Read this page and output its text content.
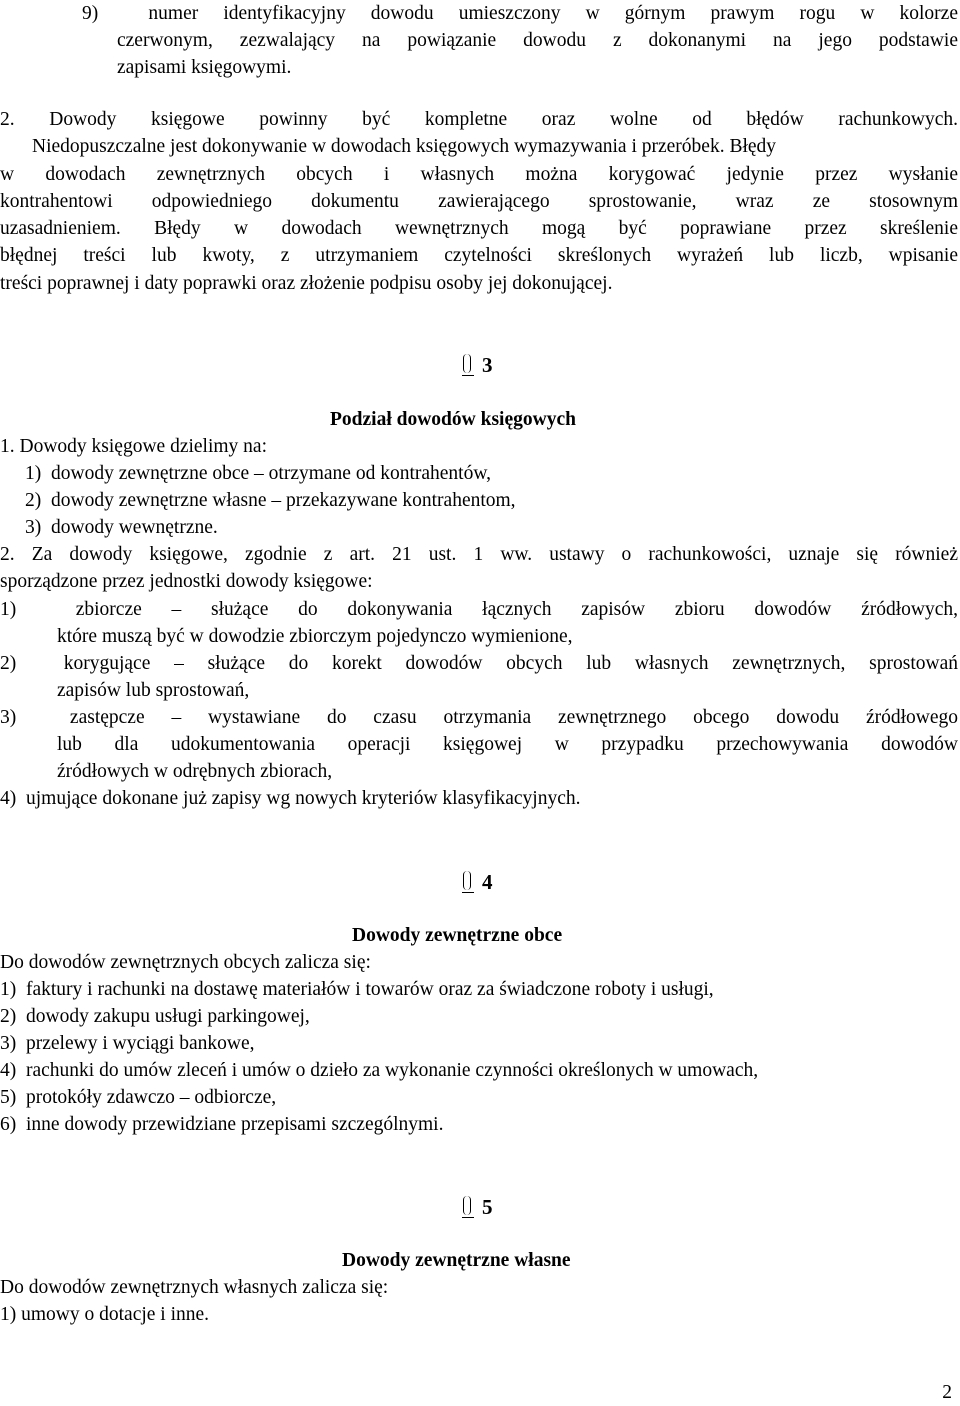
9)  numer identyfikacyjny dowodu umieszczony w górnym prawym rogu w kolorze
czerwonym, zezwalający na powiązanie dowodu z dokonanymi na jego podstawie
zapisami księgowymi.
2. Dowody księgowe powinny być kompletne oraz wolne od błędów rachunkowych.
Niedopuszczalne jest dokonywanie w dowodach księgowych wymazywania i przeróbek. Błędy
w dowodach zewnętrznych obcych i własnych można korygować jedynie przez wysłanie
kontrahentowi odpowiedniego dokumentu zawierającego sprostowanie, wraz ze stosownym
uzasadnieniem. Błędy w dowodach wewnętrznych mogą być poprawiane przez skreślenie
błędnej treści lub kwoty, z utrzymaniem czytelności skreślonych wyrażeń lub liczb, wpisanie
treści poprawnej i daty poprawki oraz złożenie podpisu osoby jej dokonującej.
3
Podział dowodów księgowych
1. Dowody księgowe dzielimy na:
1)  dowody zewnętrzne obce – otrzymane od kontrahentów,
2)  dowody zewnętrzne własne – przekazywane kontrahentom,
3)  dowody wewnętrzne.
2. Za dowody księgowe, zgodnie z art. 21 ust. 1 ww. ustawy o rachunkowości, uznaje się również
sporządzone przez jednostki dowody księgowe:
1)  zbiorcze – służące do dokonywania łącznych zapisów zbioru dowodów źródłowych,
które muszą być w dowodzie zbiorczym pojedynczo wymienione,
2)  korygujące – służące do korekt dowodów obcych lub własnych zewnętrznych, sprostowań
zapisów lub sprostowań,
3)  zastępcze – wystawiane do czasu otrzymania zewnętrznego obcego dowodu źródłowego
lub dla udokumentowania operacji księgowej w przypadku przechowywania dowodów
źródłowych w odrębnych zbiorach,
4)  ujmujące dokonane już zapisy wg nowych kryteriów klasyfikacyjnych.
4
Dowody zewnętrzne obce
Do dowodów zewnętrznych obcych zalicza się:
1)  faktury i rachunki na dostawę materiałów i towarów oraz za świadczone roboty i usługi,
2)  dowody zakupu usługi parkingowej,
3)  przelewy i wyciągi bankowe,
4)  rachunki do umów zleceń i umów o dzieło za wykonanie czynności określonych w umowach,
5)  protokóły zdawczo – odbiorcze,
6)  inne dowody przewidziane przepisami szczególnymi.
5
Dowody zewnętrzne własne
Do dowodów zewnętrznych własnych zalicza się:
1) umowy o dotacje i inne.
2
